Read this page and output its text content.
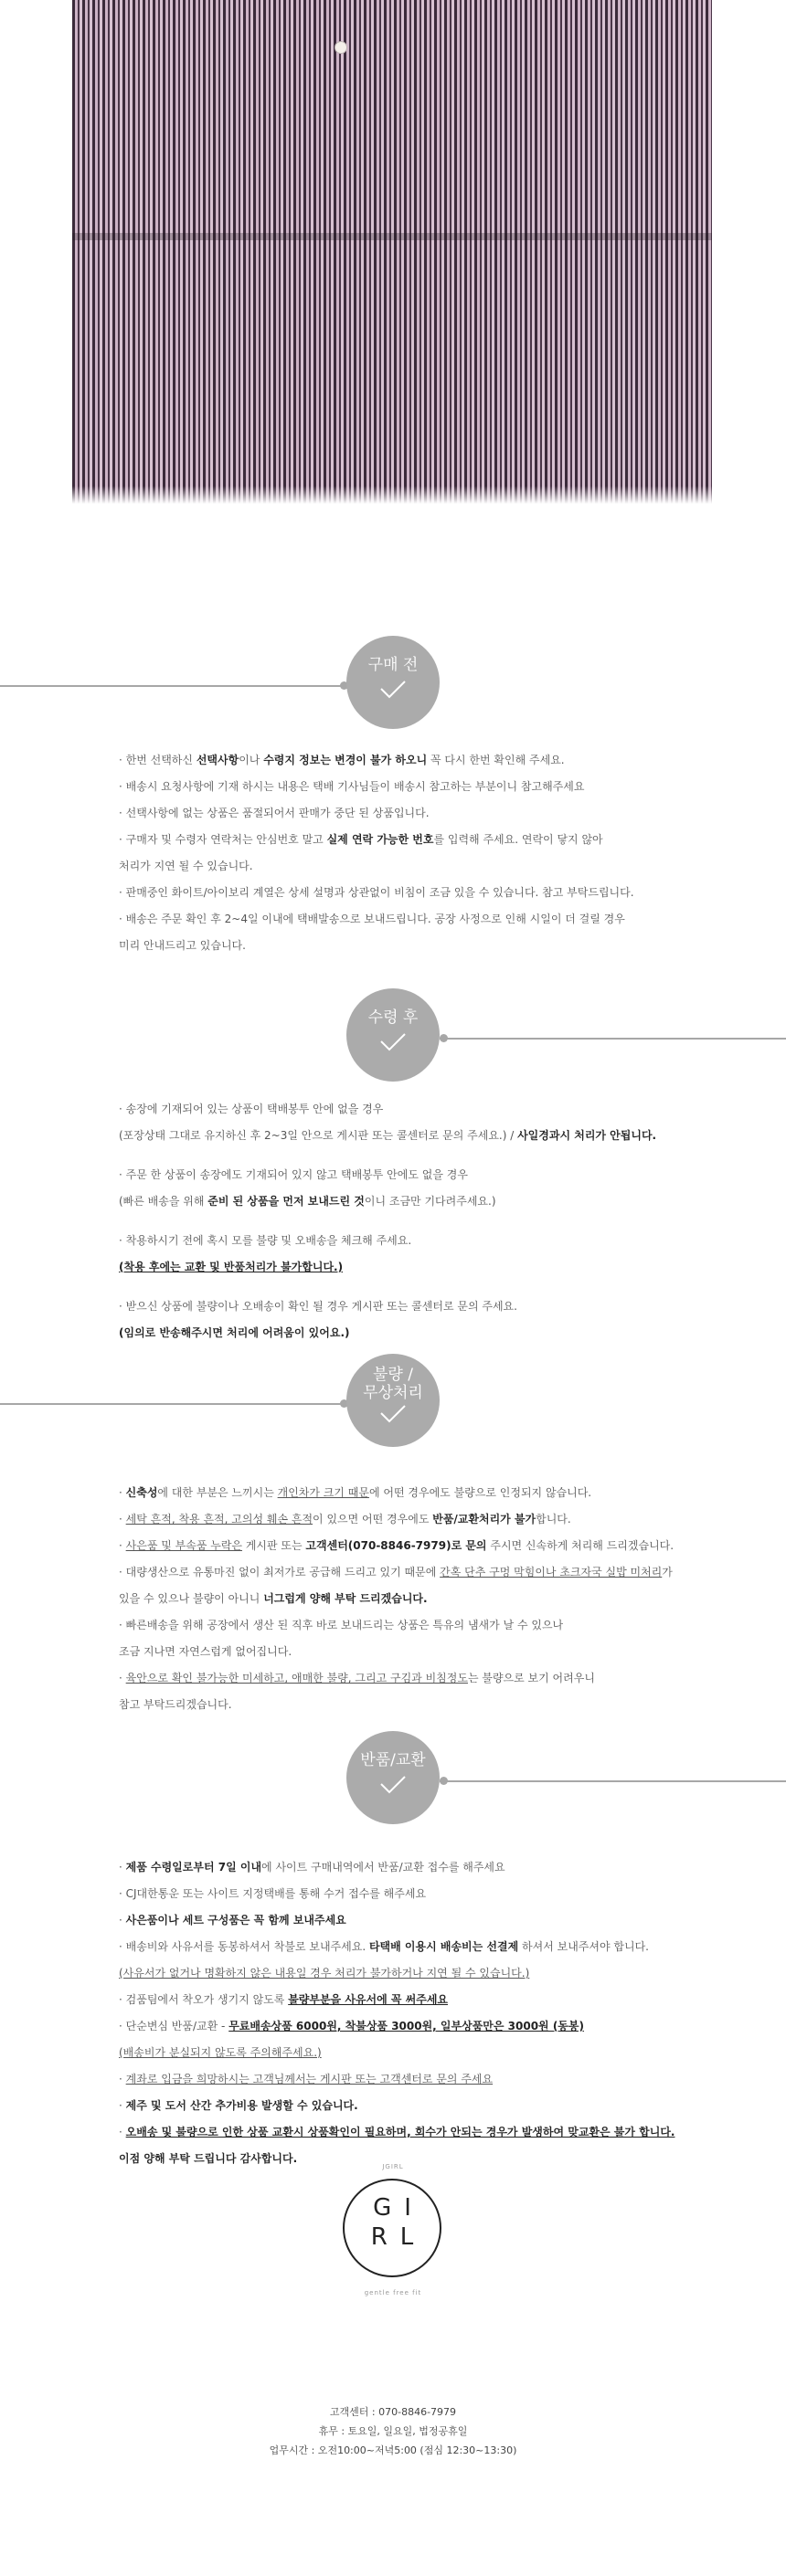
구매 전

· 한번 선택하신 선택사항이나 수령지 정보는 변경이 불가 하오니 꼭 다시 한번 확인해 주세요.

· 배송시 요청사항에 기재 하시는 내용은 택배 기사님들이 배송시 참고하는 부분이니 참고해주세요

· 선택사항에 없는 상품은 품절되어서 판매가 중단 된 상품입니다.

· 구매자 및 수령자 연락처는 안심번호 말고 실제 연락 가능한 번호를 입력해 주세요. 연락이 닿지 않아

처리가 지연 될 수 있습니다.

· 판매중인 화이트/아이보리 계열은 상세 설명과 상관없이 비침이 조금 있을 수 있습니다. 참고 부탁드립니다.

· 배송은 주문 확인 후 2~4일 이내에 택배발송으로 보내드립니다. 공장 사정으로 인해 시일이 더 걸릴 경우

미리 안내드리고 있습니다.

수령 후

· 송장에 기재되어 있는 상품이 택배봉투 안에 없을 경우

(포장상태 그대로 유지하신 후 2~3일 안으로 게시판 또는 콜센터로 문의 주세요.) / 사일경과시 처리가 안됩니다.

· 주문 한 상품이 송장에도 기재되어 있지 않고 택배봉투 안에도 없을 경우

(빠른 배송을 위해 준비 된 상품을 먼저 보내드린 것이니 조금만 기다려주세요.)

· 착용하시기 전에 혹시 모를 불량 및 오배송을 체크해 주세요.

(착용 후에는 교환 및 반품처리가 불가합니다.)

· 받으신 상품에 불량이나 오배송이 확인 될 경우 게시판 또는 콜센터로 문의 주세요.

(임의로 반송해주시면 처리에 어려움이 있어요.)

불량 /
무상처리

· 신축성에 대한 부분은 느끼시는 개인차가 크기 때문에 어떤 경우에도 불량으로 인정되지 않습니다.

· 세탁 흔적, 착용 흔적, 고의성 훼손 흔적이 있으면 어떤 경우에도 반품/교환처리가 불가합니다.

· 사은품 및 부속품 누락은 게시판 또는 고객센터(070-8846-7979)로 문의 주시면 신속하게 처리해 드리겠습니다.

· 대량생산으로 유통마진 없이 최저가로 공급해 드리고 있기 때문에 간혹 단추 구멍 막힘이나 초크자국 실밥 미처리가

있을 수 있으나 불량이 아니니 너그럽게 양해 부탁 드리겠습니다.

· 빠른배송을 위해 공장에서 생산 된 직후 바로 보내드리는 상품은 특유의 냄새가 날 수 있으나

조금 지나면 자연스럽게 없어집니다.

· 육안으로 확인 불가능한 미세하고, 애매한 불량, 그리고 구김과 비침정도는 불량으로 보기 어려우니

참고 부탁드리겠습니다.

반품/교환

· 제품 수령일로부터 7일 이내에 사이트 구매내역에서 반품/교환 접수를 해주세요

· CJ대한통운 또는 사이트 지정택배를 통해 수거 접수를 해주세요

· 사은품이나 세트 구성품은 꼭 함께 보내주세요

· 배송비와 사유서를 동봉하셔서 착불로 보내주세요. 타택배 이용시 배송비는 선결제 하셔서 보내주셔야 합니다.

(사유서가 없거나 명확하지 않은 내용일 경우 처리가 불가하거나 지연 될 수 있습니다.)

· 검품팀에서 착오가 생기지 않도록 불량부분을 사유서에 꼭 써주세요

· 단순변심 반품/교환 - 무료배송상품 6000원, 착불상품 3000원, 일부상품만은 3000원 (동봉)

(배송비가 분실되지 않도록 주의해주세요.)

· 계좌로 입금을 희망하시는 고객님께서는 게시판 또는 고객센터로 문의 주세요

· 제주 및 도서 산간 추가비용 발생할 수 있습니다.

· 오배송 및 불량으로 인한 상품 교환시 상품확인이 필요하며, 회수가 안되는 경우가 발생하여 맞교환은 불가 합니다.

이점 양해 부탁 드립니다 감사합니다.

JGIRL
GI
RL
gentle free fit
고객센터 : 070-8846-7979
휴무 : 토요일, 일요일, 법정공휴일
업무시간 : 오전10:00~저녁5:00 (점심 12:30~13:30)
